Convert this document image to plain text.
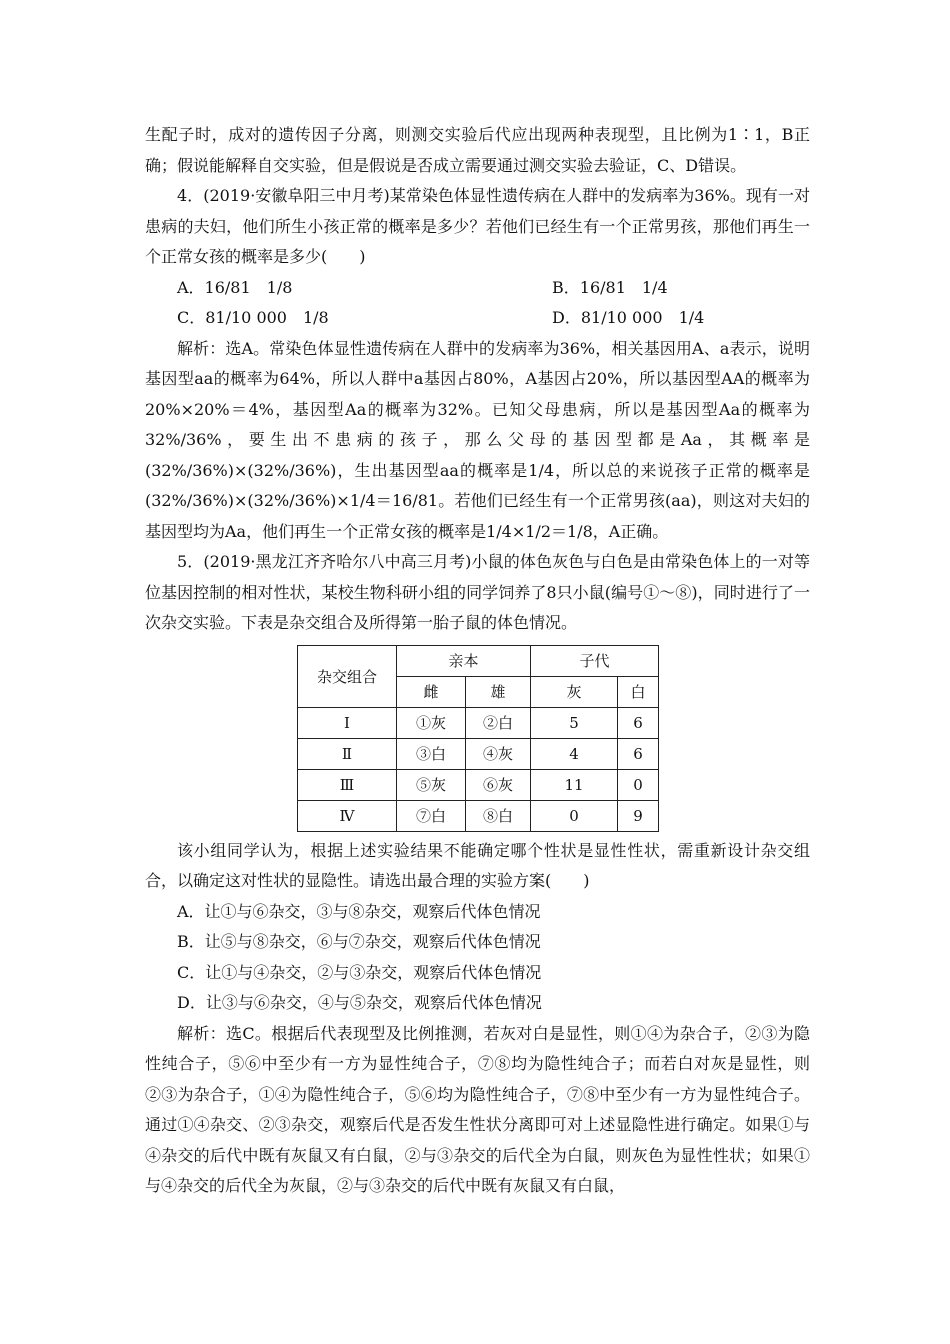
生配子时，成对的遗传因子分离，则测交实验后代应出现两种表现型，且比例为1∶1，B正确；假说能解释自交实验，但是假说是否成立需要通过测交实验去验证，C、D错误。

4．(2019·安徽阜阳三中月考)某常染色体显性遗传病在人群中的发病率为36%。现有一对患病的夫妇，他们所生小孩正常的概率是多少？若他们已经生有一个正常男孩，那他们再生一个正常女孩的概率是多少(　　)

A．16/81　1/8	B．16/81　1/4
C．81/10 000　1/8	D．81/10 000　1/4

解析：选A。常染色体显性遗传病在人群中的发病率为36%，相关基因用A、a表示，说明基因型aa的概率为64%，所以人群中a基因占80%，A基因占20%，所以基因型AA的概率为20%×20%＝4%，基因型Aa的概率为32%。已知父母患病，所以是基因型Aa的概率为32%/36%，要生出不患病的孩子，那么父母的基因型都是Aa，其概率是(32%/36%)×(32%/36%)，生出基因型aa的概率是1/4，所以总的来说孩子正常的概率是(32%/36%)×(32%/36%)×1/4＝16/81。若他们已经生有一个正常男孩(aa)，则这对夫妇的基因型均为Aa，他们再生一个正常女孩的概率是1/4×1/2＝1/8，A正确。

5．(2019·黑龙江齐齐哈尔八中高三月考)小鼠的体色灰色与白色是由常染色体上的一对等位基因控制的相对性状，某校生物科研小组的同学饲养了8只小鼠(编号①～⑧)，同时进行了一次杂交实验。下表是杂交组合及所得第一胎子鼠的体色情况。

杂交组合	亲本		子代	
	雌	雄	灰	白
Ⅰ	①灰	②白	5	6
Ⅱ	③白	④灰	4	6
Ⅲ	⑤灰	⑥灰	11	0
Ⅳ	⑦白	⑧白	0	9

该小组同学认为，根据上述实验结果不能确定哪个性状是显性性状，需重新设计杂交组合，以确定这对性状的显隐性。请选出最合理的实验方案(　　)

A．让①与⑥杂交，③与⑧杂交，观察后代体色情况
B．让⑤与⑧杂交，⑥与⑦杂交，观察后代体色情况
C．让①与④杂交，②与③杂交，观察后代体色情况
D．让③与⑥杂交，④与⑤杂交，观察后代体色情况

解析：选C。根据后代表现型及比例推测，若灰对白是显性，则①④为杂合子，②③为隐性纯合子，⑤⑥中至少有一方为显性纯合子，⑦⑧均为隐性纯合子；而若白对灰是显性，则②③为杂合子，①④为隐性纯合子，⑤⑥均为隐性纯合子，⑦⑧中至少有一方为显性纯合子。通过①④杂交、②③杂交，观察后代是否发生性状分离即可对上述显隐性进行确定。如果①与④杂交的后代中既有灰鼠又有白鼠，②与③杂交的后代全为白鼠，则灰色为显性性状；如果①与④杂交的后代全为灰鼠，②与③杂交的后代中既有灰鼠又有白鼠，
